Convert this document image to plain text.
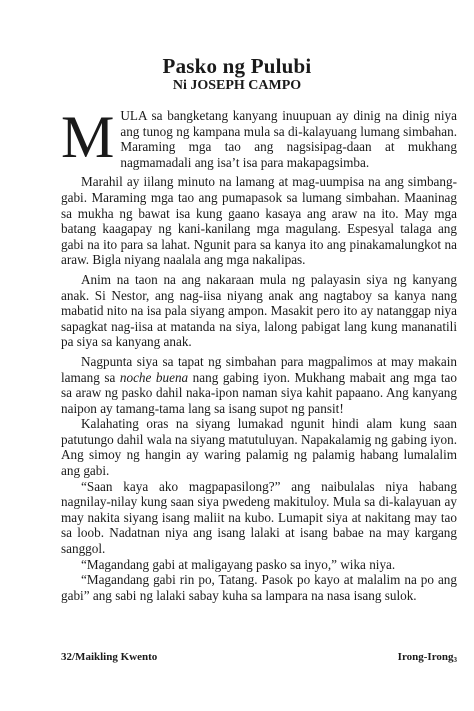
Pasko ng Pulubi
Ni JOSEPH CAMPO

MULA sa bangketang kanyang inuupuan ay dinig na dinig niya ang tunog ng kampana mula sa di-kalayuang lumang simbahan. Maraming mga tao ang nagsisipag-daan at mukhang nagmamadali ang isa’t isa para makapagsimba.

Marahil ay iilang minuto na lamang at mag-uumpisa na ang simbang-gabi. Maraming mga tao ang pumapasok sa lumang simbahan. Maaninag sa mukha ng bawat isa kung gaano kasaya ang araw na ito. May mga batang kaagapay ng kani-kanilang mga magulang. Espesyal talaga ang gabi na ito para sa lahat. Ngunit para sa kanya ito ang pinakamalungkot na araw. Bigla niyang naalala ang mga nakalipas.

Anim na taon na ang nakaraan mula ng palayasin siya ng kanyang anak. Si Nestor, ang nag-iisa niyang anak ang nagtaboy sa kanya nang mabatid nito na isa pala siyang ampon. Masakit pero ito ay natanggap niya sapagkat nag-iisa at matanda na siya, lalong pabigat lang kung mananatili pa siya sa kanyang anak.

Nagpunta siya sa tapat ng simbahan para magpalimos at may makain lamang sa noche buena nang gabing iyon. Mukhang mabait ang mga tao sa araw ng pasko dahil naka-ipon naman siya kahit papaano. Ang kanyang naipon ay tamang-tama lang sa isang supot ng pansit!

Kalahating oras na siyang lumakad ngunit hindi alam kung saan patutungo dahil wala na siyang matutuluyan. Napakalamig ng gabing iyon. Ang simoy ng hangin ay waring palamig ng palamig habang lumalalim ang gabi.

“Saan kaya ako magpapasilong?” ang naibulalas niya habang nagnilay-nilay kung saan siya pwedeng makituloy. Mula sa di-kalayuan ay may nakita siyang isang maliit na kubo. Lumapit siya at nakitang may tao sa loob. Nadatnan niya ang isang lalaki at isang babae na may kargang sanggol.

“Magandang gabi at maligayang pasko sa inyo,” wika niya.

“Magandang gabi rin po, Tatang. Pasok po kayo at malalim na po ang gabi” ang sabi ng lalaki sabay kuha sa lampara na nasa isang sulok.

32/Maikling Kwento	Irong-Irong$_3$
